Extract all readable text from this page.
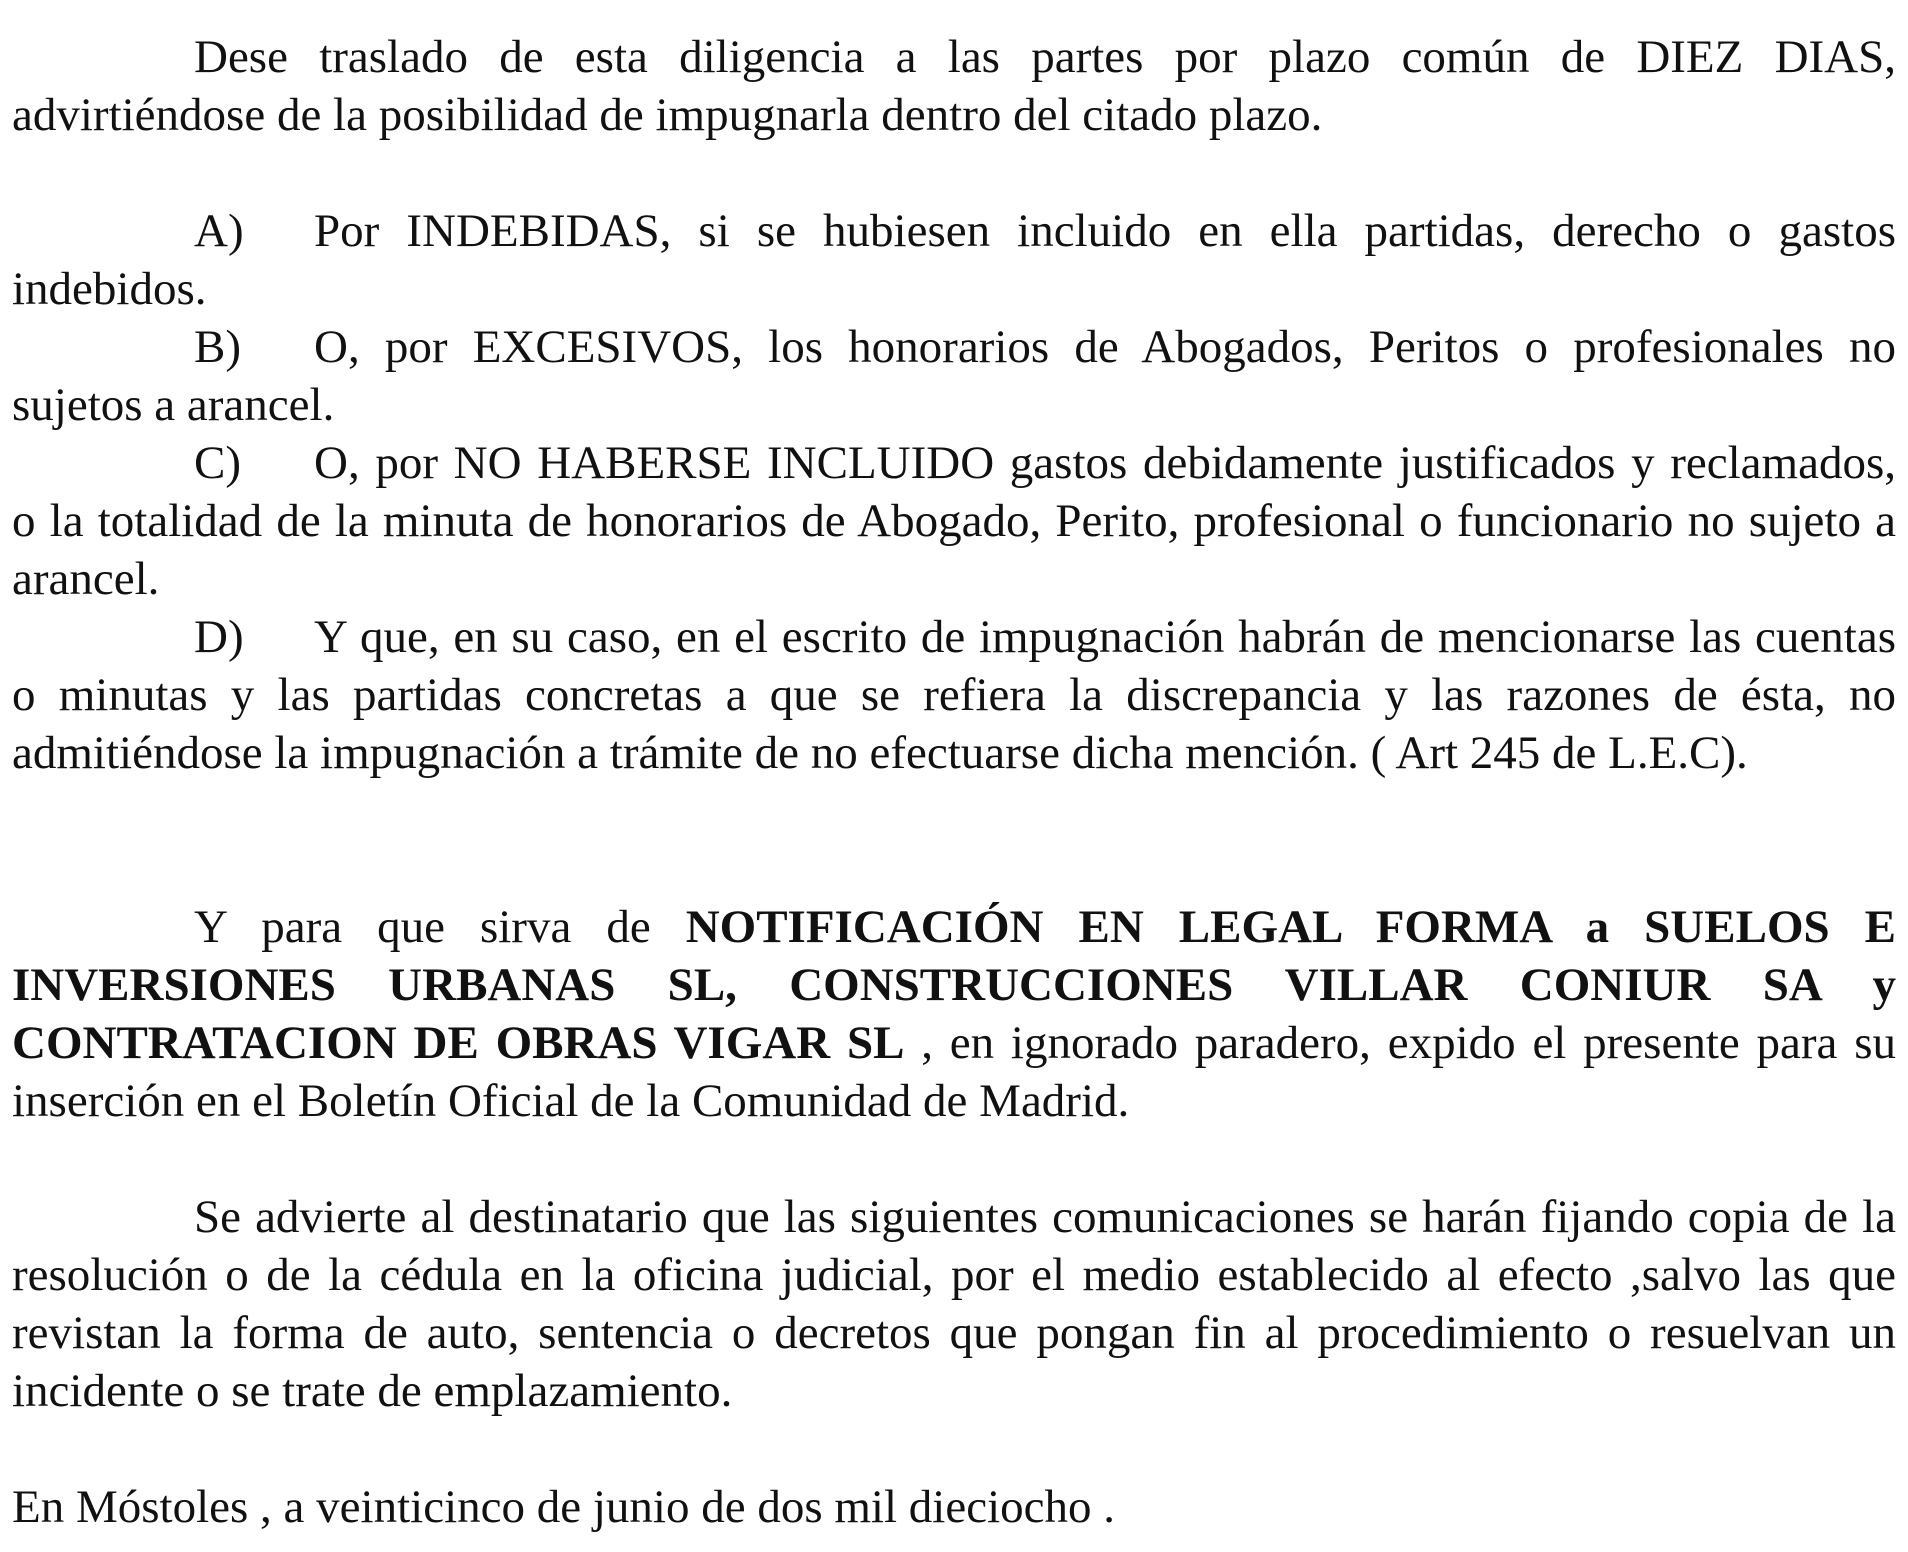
Dese traslado de esta diligencia a las partes por plazo común de DIEZ DIAS, advirtiéndose de la posibilidad de impugnarla dentro del citado plazo.

A) Por INDEBIDAS, si se hubiesen incluido en ella partidas, derecho o gastos indebidos.

B) O, por EXCESIVOS, los honorarios de Abogados, Peritos o profesionales no sujetos a arancel.

C) O, por NO HABERSE INCLUIDO gastos debidamente justificados y reclamados, o la totalidad de la minuta de honorarios de Abogado, Perito, profesional o funcionario no sujeto a arancel.

D) Y que, en su caso, en el escrito de impugnación habrán de mencionarse las cuentas o minutas y las partidas concretas a que se refiera la discrepancia y las razones de ésta, no admitiéndose la impugnación a trámite de no efectuarse dicha mención. ( Art 245 de L.E.C).

Y para que sirva de NOTIFICACIÓN EN LEGAL FORMA a SUELOS E INVERSIONES URBANAS SL, CONSTRUCCIONES VILLAR CONIUR SA y CONTRATACION DE OBRAS VIGAR SL , en ignorado paradero, expido el presente para su inserción en el Boletín Oficial de la Comunidad de Madrid.

Se advierte al destinatario que las siguientes comunicaciones se harán fijando copia de la resolución o de la cédula en la oficina judicial, por el medio establecido al efecto ,salvo las que revistan la forma de auto, sentencia o decretos que pongan fin al procedimiento o resuelvan un incidente o se trate de emplazamiento.

En Móstoles , a veinticinco de junio de dos mil dieciocho .
